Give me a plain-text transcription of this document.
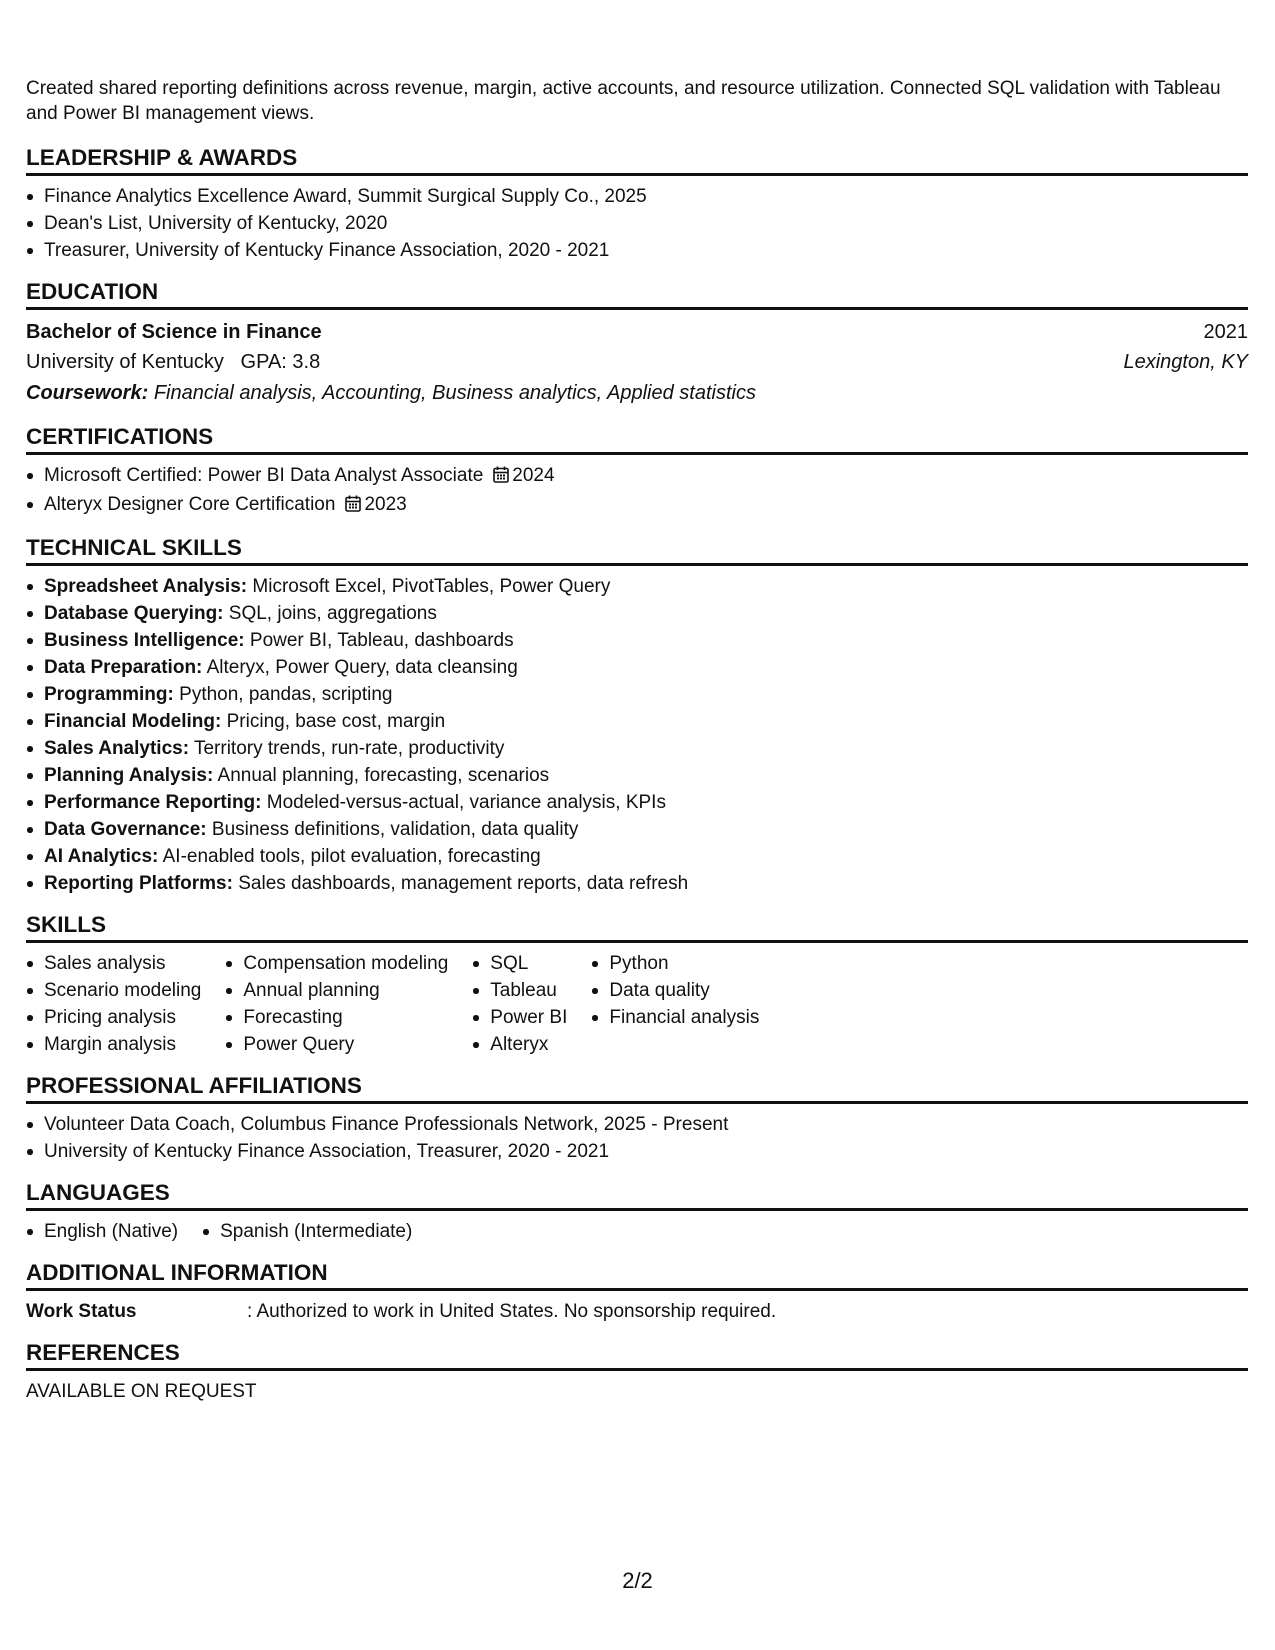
Created shared reporting definitions across revenue, margin, active accounts, and resource utilization. Connected SQL validation with Tableau and Power BI management views.

LEADERSHIP & AWARDS
Finance Analytics Excellence Award, Summit Surgical Supply Co., 2025
Dean's List, University of Kentucky, 2020
Treasurer, University of Kentucky Finance Association, 2020 - 2021
EDUCATION
Bachelor of Science in Finance	2021
University of Kentucky GPA: 3.8	Lexington, KY
Coursework: Financial analysis, Accounting, Business analytics, Applied statistics
CERTIFICATIONS
Microsoft Certified: Power BI Data Analyst Associate 2024
Alteryx Designer Core Certification 2023
TECHNICAL SKILLS
Spreadsheet Analysis: Microsoft Excel, PivotTables, Power Query
Database Querying: SQL, joins, aggregations
Business Intelligence: Power BI, Tableau, dashboards
Data Preparation: Alteryx, Power Query, data cleansing
Programming: Python, pandas, scripting
Financial Modeling: Pricing, base cost, margin
Sales Analytics: Territory trends, run-rate, productivity
Planning Analysis: Annual planning, forecasting, scenarios
Performance Reporting: Modeled-versus-actual, variance analysis, KPIs
Data Governance: Business definitions, validation, data quality
AI Analytics: AI-enabled tools, pilot evaluation, forecasting
Reporting Platforms: Sales dashboards, management reports, data refresh
SKILLS
Sales analysis
Scenario modeling
Pricing analysis
Margin analysis
Compensation modeling
Annual planning
Forecasting
Power Query
SQL
Tableau
Power BI
Alteryx
Python
Data quality
Financial analysis
PROFESSIONAL AFFILIATIONS
Volunteer Data Coach, Columbus Finance Professionals Network, 2025 - Present
University of Kentucky Finance Association, Treasurer, 2020 - 2021
LANGUAGES
English (Native)	Spanish (Intermediate)
ADDITIONAL INFORMATION
Work Status	: Authorized to work in United States. No sponsorship required.
REFERENCES
AVAILABLE ON REQUEST
2/2
